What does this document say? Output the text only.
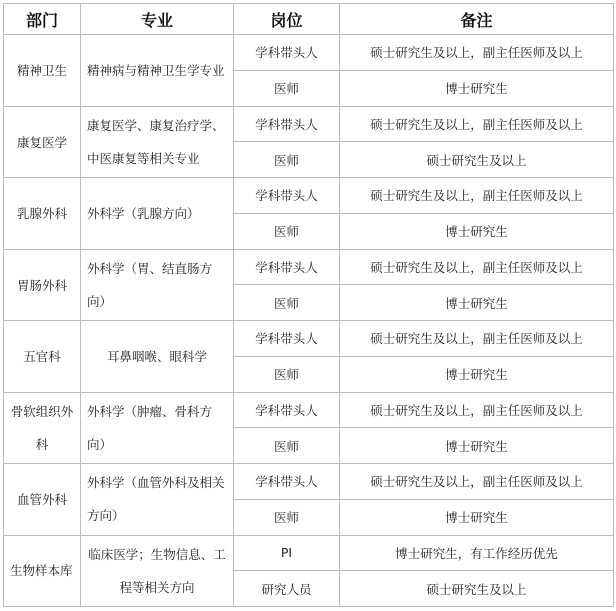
部门	专业	岗位	备注
精神卫生	精神病与精神卫生学专业	学科带头人	硕士研究生及以上，副主任医师及以上
		医师	博士研究生
康复医学	康复医学、康复治疗学、中医康复等相关专业	学科带头人	硕士研究生及以上，副主任医师及以上
		医师	硕士研究生及以上
乳腺外科	外科学（乳腺方向）	学科带头人	硕士研究生及以上，副主任医师及以上
		医师	博士研究生
胃肠外科	外科学（胃、结直肠方向）	学科带头人	硕士研究生及以上，副主任医师及以上
		医师	博士研究生
五官科	耳鼻咽喉、眼科学	学科带头人	硕士研究生及以上，副主任医师及以上
		医师	博士研究生
骨软组织外科	外科学（肿瘤、骨科方向）	学科带头人	硕士研究生及以上，副主任医师及以上
		医师	博士研究生
血管外科	外科学（血管外科及相关方向）	学科带头人	硕士研究生及以上，副主任医师及以上
		医师	博士研究生
生物样本库	临床医学；生物信息、工程等相关方向	PI	博士研究生，有工作经历优先
		研究人员	硕士研究生及以上
